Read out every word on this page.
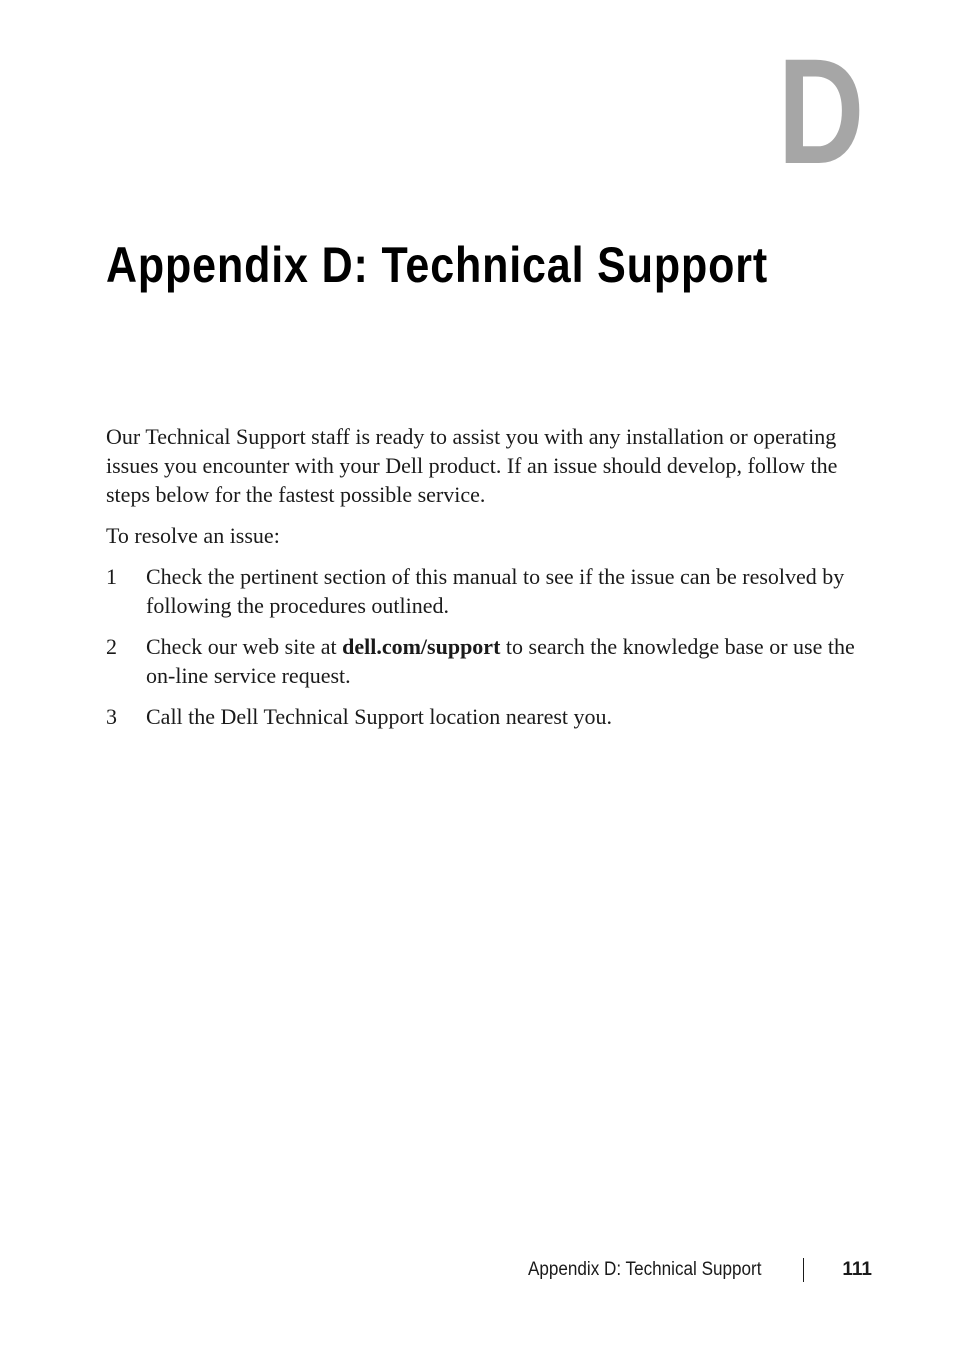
D
Appendix D: Technical Support

Our Technical Support staff is ready to assist you with any installation or operating issues you encounter with your Dell product. If an issue should develop, follow the steps below for the fastest possible service.

To resolve an issue:

1	Check the pertinent section of this manual to see if the issue can be resolved by following the procedures outlined.
2	Check our web site at dell.com/support to search the knowledge base or use the on-line service request.
3	Call the Dell Technical Support location nearest you.
Appendix D: Technical Support	111
